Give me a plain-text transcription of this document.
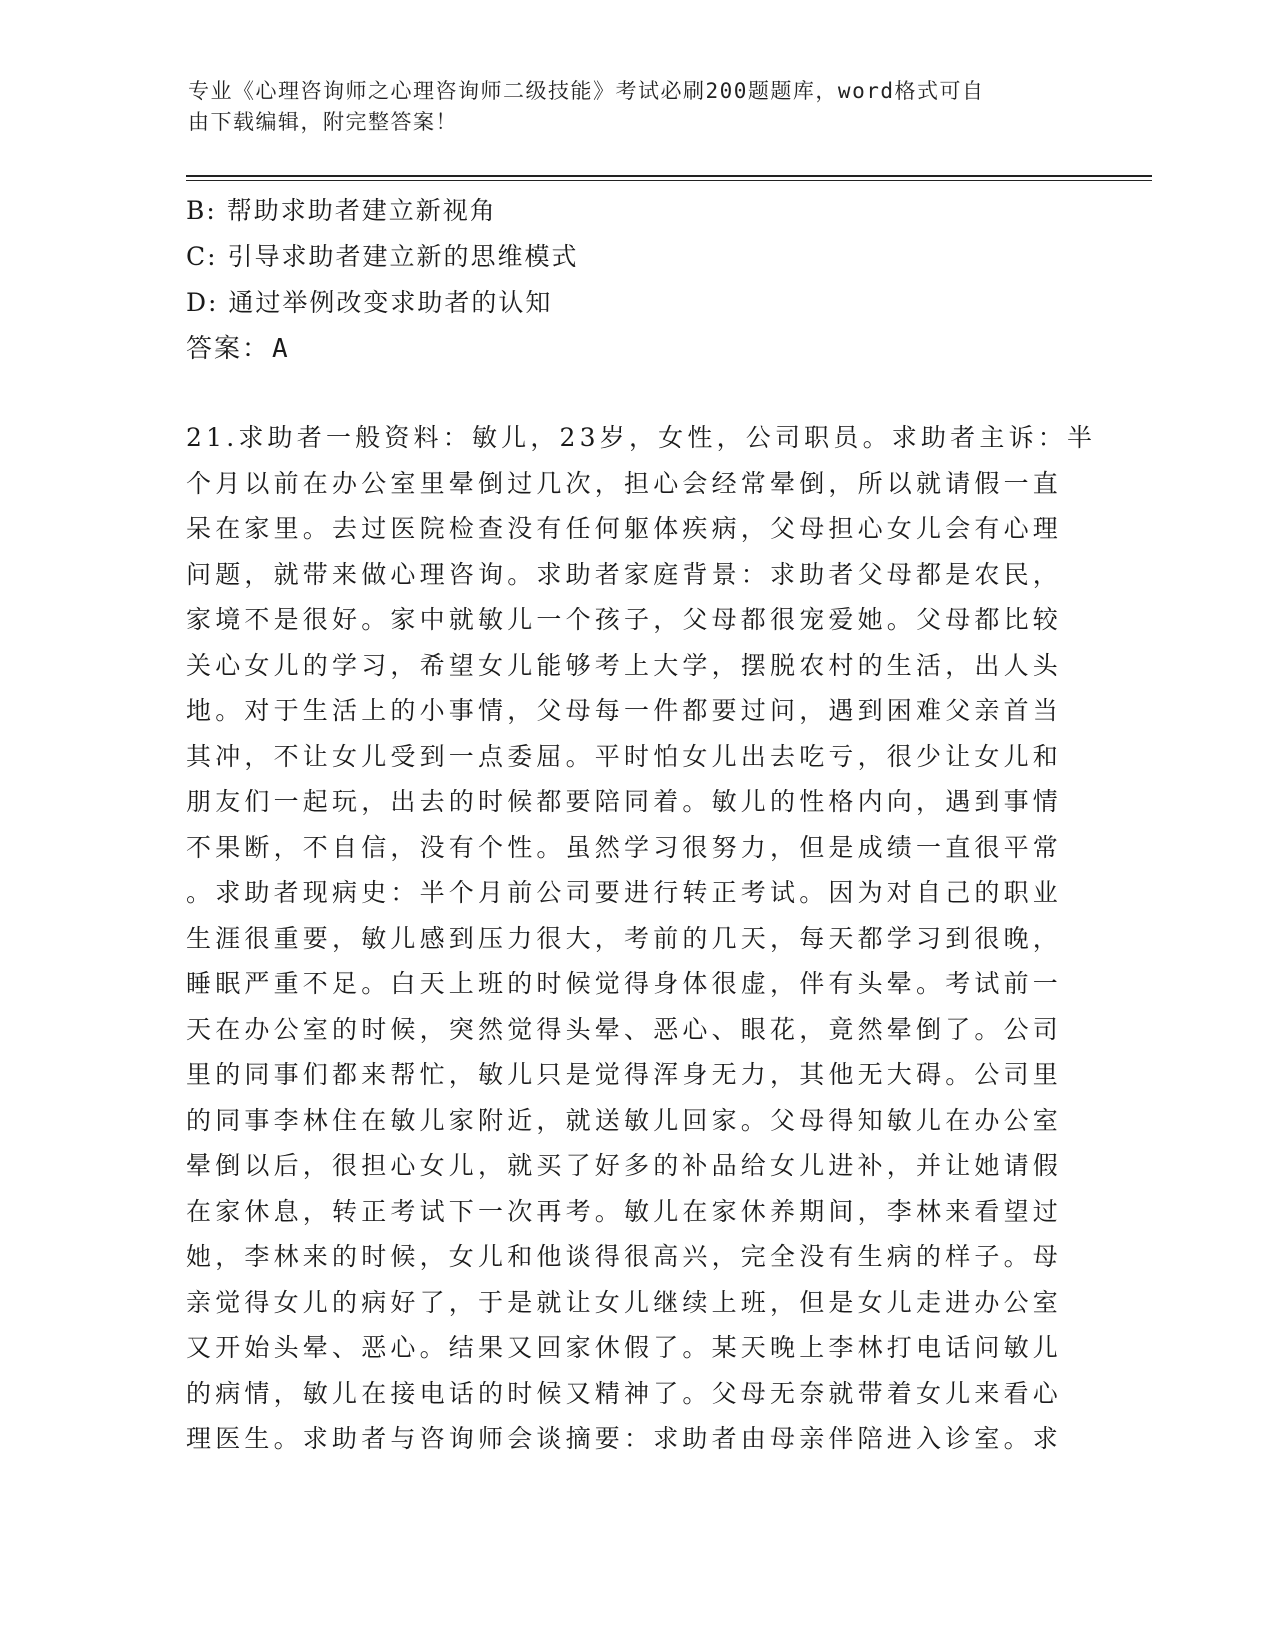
专业《心理咨询师之心理咨询师二级技能》考试必刷200题题库，word格式可自
由下载编辑，附完整答案！
B: 帮助求助者建立新视角
C: 引导求助者建立新的思维模式
D: 通过举例改变求助者的认知
答案：A
21.求助者一般资料：敏儿，23岁，女性，公司职员。求助者主诉：半
个月以前在办公室里晕倒过几次，担心会经常晕倒，所以就请假一直
呆在家里。去过医院检查没有任何躯体疾病，父母担心女儿会有心理
问题，就带来做心理咨询。求助者家庭背景：求助者父母都是农民，
家境不是很好。家中就敏儿一个孩子，父母都很宠爱她。父母都比较
关心女儿的学习，希望女儿能够考上大学，摆脱农村的生活，出人头
地。对于生活上的小事情，父母每一件都要过问，遇到困难父亲首当
其冲，不让女儿受到一点委屈。平时怕女儿出去吃亏，很少让女儿和
朋友们一起玩，出去的时候都要陪同着。敏儿的性格内向，遇到事情
不果断，不自信，没有个性。虽然学习很努力，但是成绩一直很平常
。求助者现病史：半个月前公司要进行转正考试。因为对自己的职业
生涯很重要，敏儿感到压力很大，考前的几天，每天都学习到很晚，
睡眠严重不足。白天上班的时候觉得身体很虚，伴有头晕。考试前一
天在办公室的时候，突然觉得头晕、恶心、眼花，竟然晕倒了。公司
里的同事们都来帮忙，敏儿只是觉得浑身无力，其他无大碍。公司里
的同事李林住在敏儿家附近，就送敏儿回家。父母得知敏儿在办公室
晕倒以后，很担心女儿，就买了好多的补品给女儿进补，并让她请假
在家休息，转正考试下一次再考。敏儿在家休养期间，李林来看望过
她，李林来的时候，女儿和他谈得很高兴，完全没有生病的样子。母
亲觉得女儿的病好了，于是就让女儿继续上班，但是女儿走进办公室
又开始头晕、恶心。结果又回家休假了。某天晚上李林打电话问敏儿
的病情，敏儿在接电话的时候又精神了。父母无奈就带着女儿来看心
理医生。求助者与咨询师会谈摘要：求助者由母亲伴陪进入诊室。求
